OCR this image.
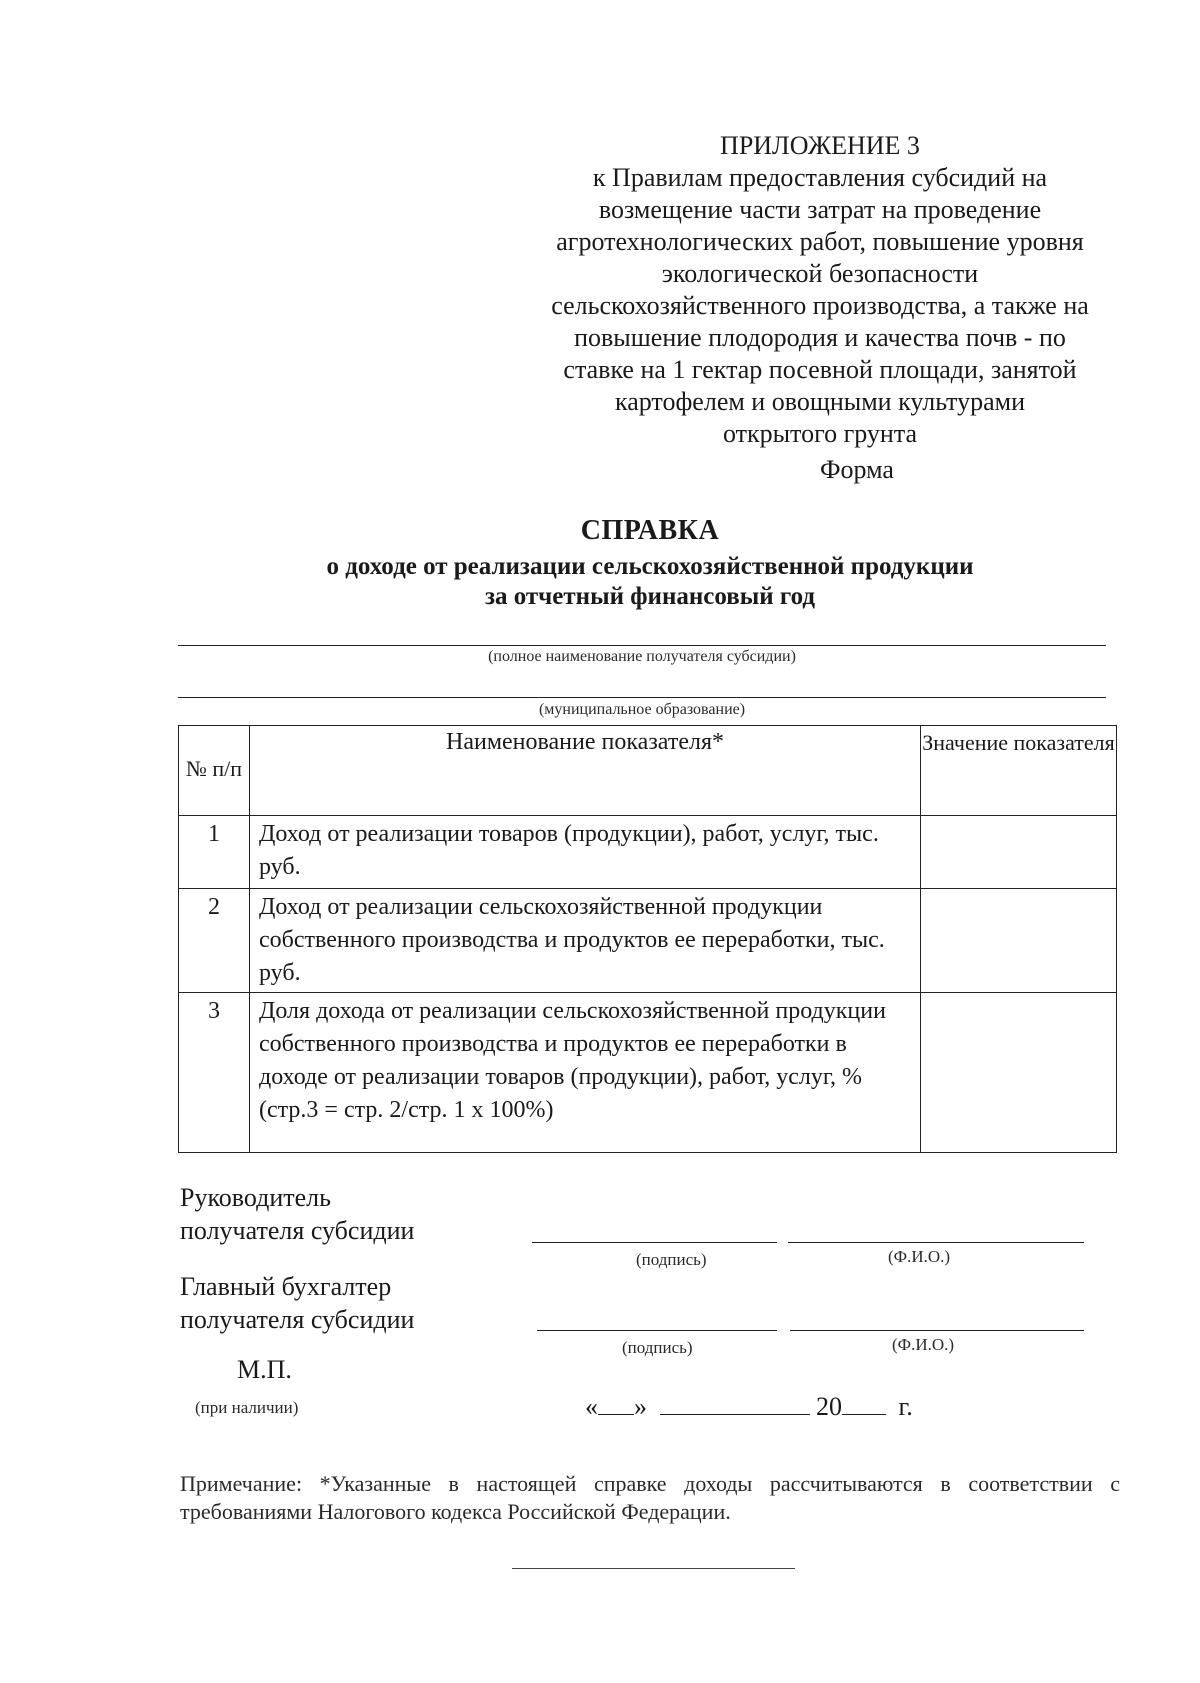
ПРИЛОЖЕНИЕ 3
к Правилам предоставления субсидий на
возмещение части затрат на проведение
агротехнологических работ, повышение уровня
экологической безопасности
сельскохозяйственного производства, а также на
повышение плодородия и качества почв - по
ставке на 1 гектар посевной площади, занятой
картофелем и овощными культурами
открытого грунта
Форма
СПРАВКА
о доходе от реализации сельскохозяйственной продукции
за отчетный финансовый год
(полное наименование получателя субсидии)
(муниципальное образование)
№ п/п	Наименование показателя*	Значение показателя
1	Доход от реализации товаров (продукции), работ, услуг, тыс. руб.	
2	Доход от реализации сельскохозяйственной продукции собственного производства и продуктов ее переработки, тыс. руб.	
3	Доля дохода от реализации сельскохозяйственной продукции собственного производства и продуктов ее переработки в доходе от реализации товаров (продукции), работ, услуг, % (стр.3 = стр. 2/стр. 1 х 100%)	
Руководитель
получателя субсидии
(подпись)	(Ф.И.О.)
Главный бухгалтер
получателя субсидии
(подпись)	(Ф.И.О.)
М.П.
(при наличии)	« »	20 г.
Примечание: *Указанные в настоящей справке доходы рассчитываются в соответствии с требованиями Налогового кодекса Российской Федерации.
